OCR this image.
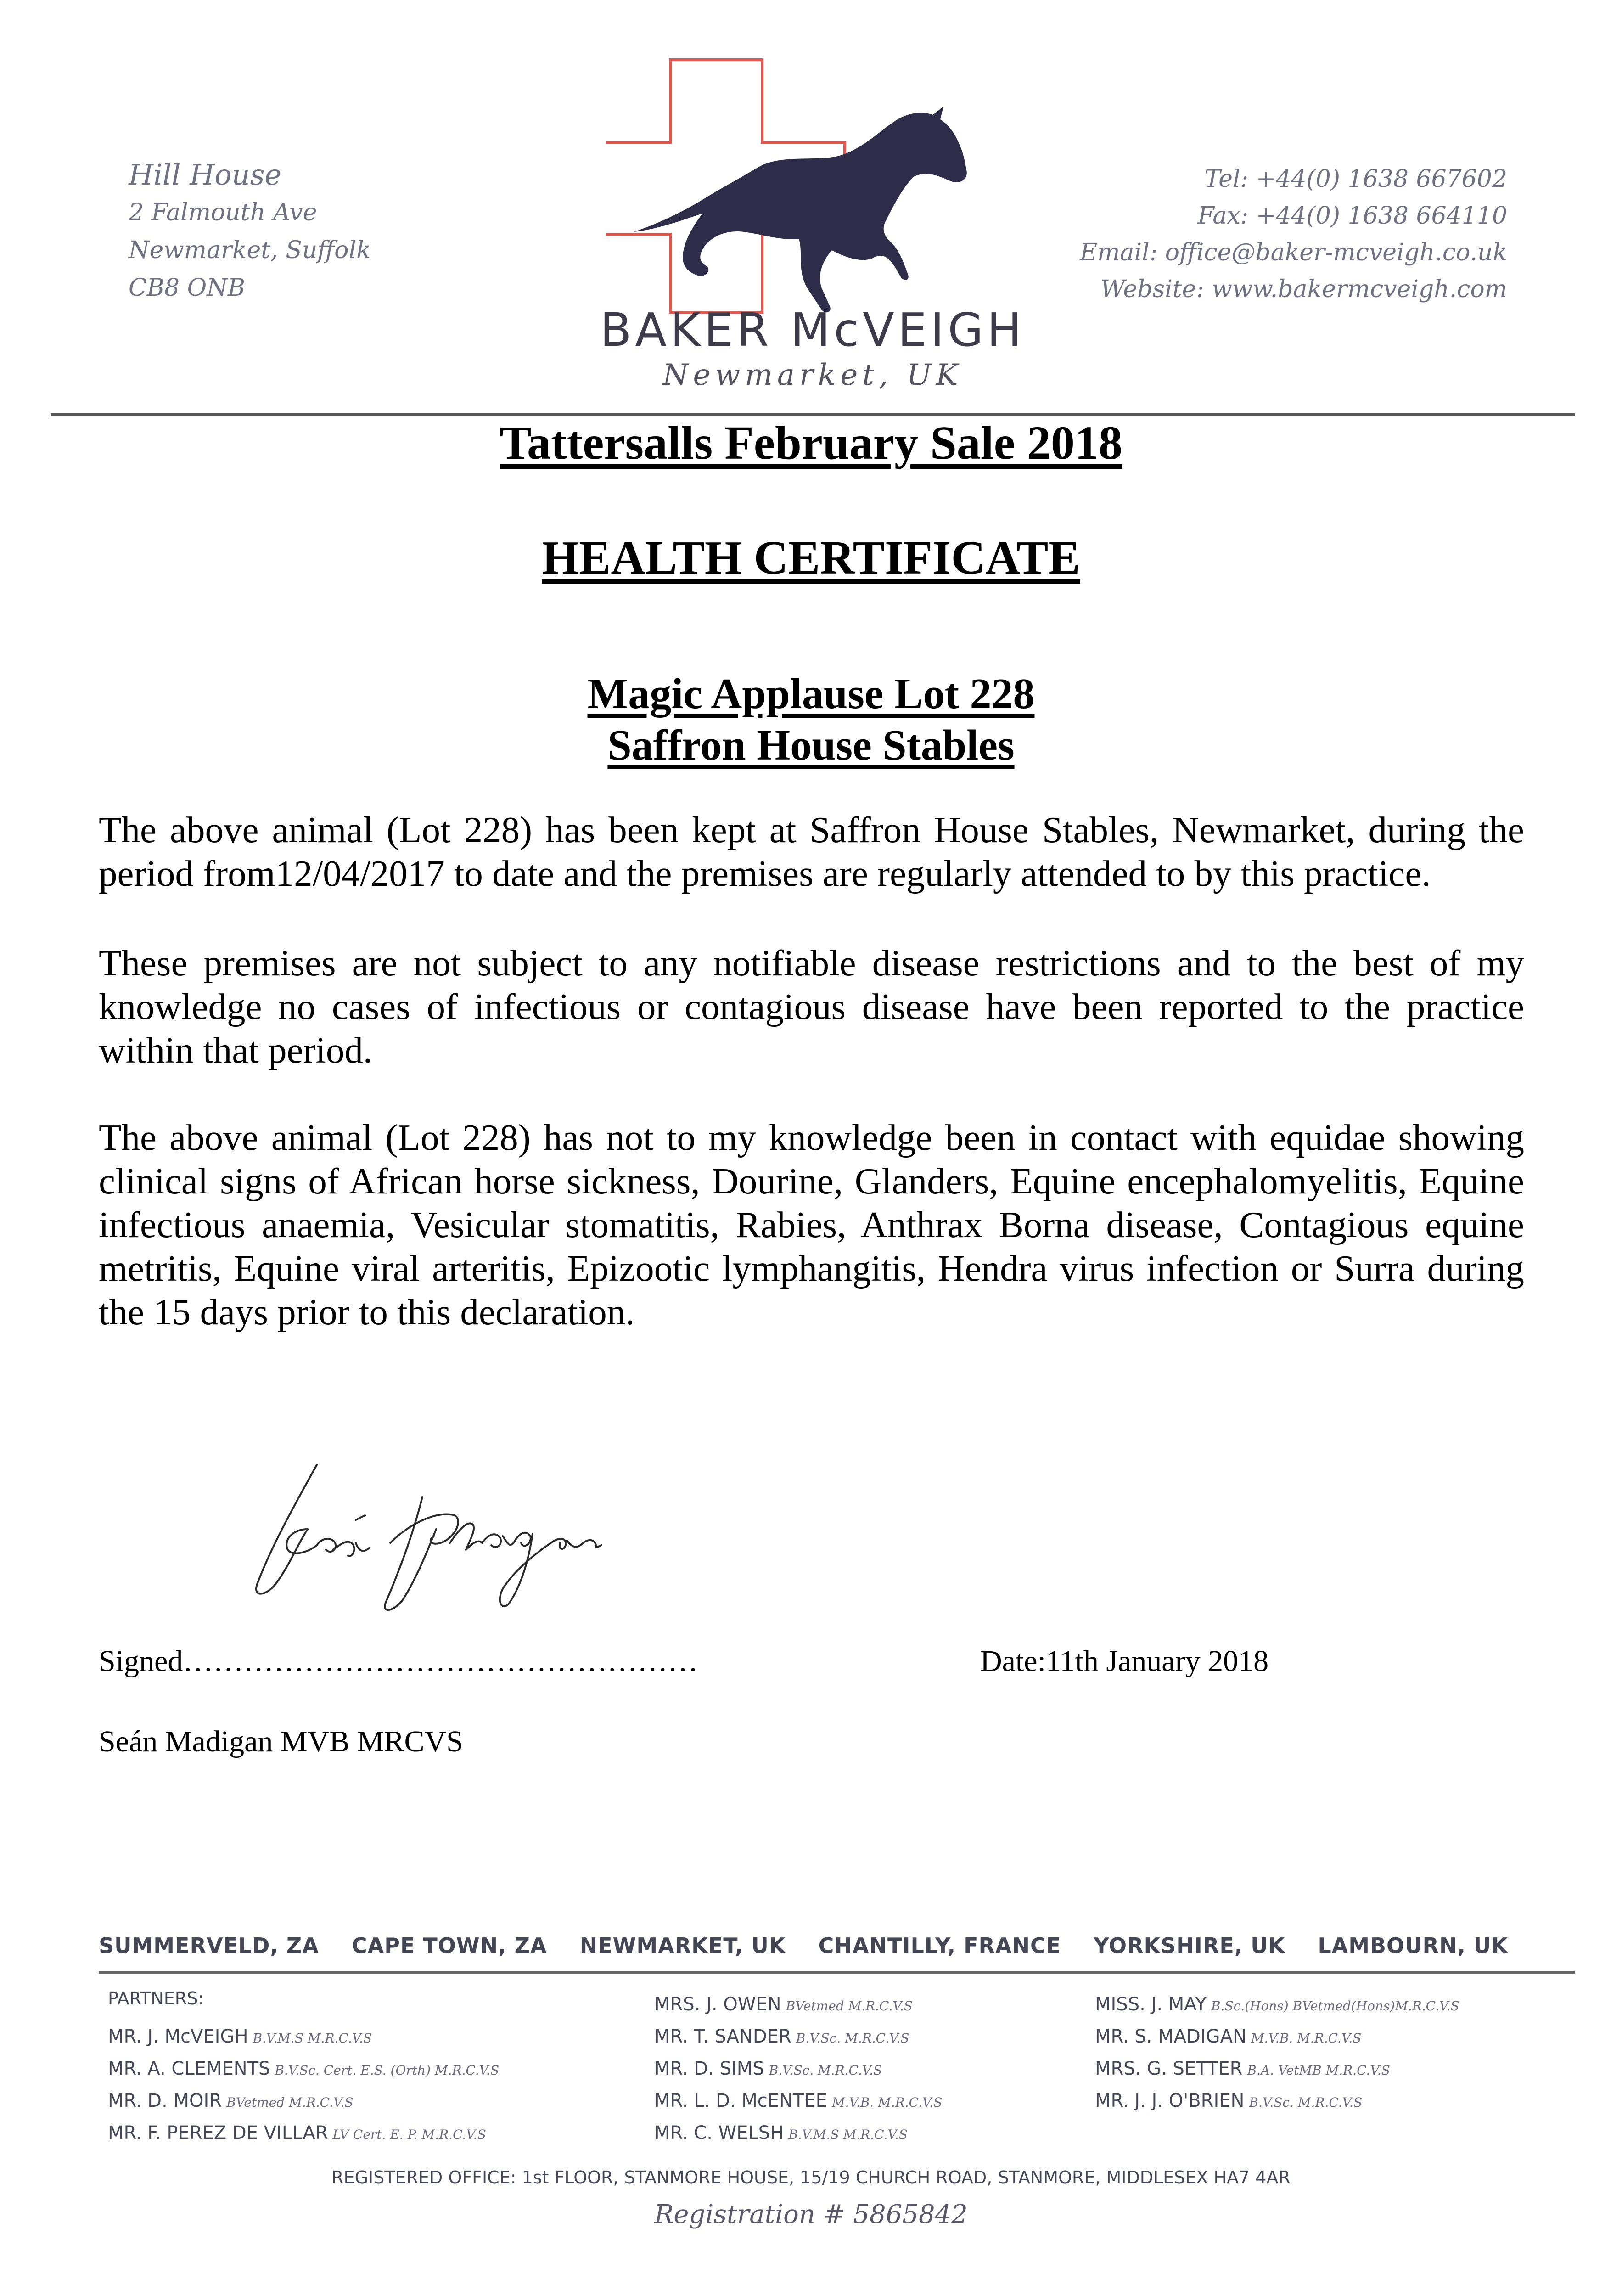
Hill House
2 Falmouth Ave
Newmarket, Suffolk
CB8 ONB
BAKER McVEIGH
Newmarket, UK
Tel: +44(0) 1638 667602
Fax: +44(0) 1638 664110
Email: office@baker-mcveigh.co.uk
Website: www.bakermcveigh.com
Tattersalls February Sale 2018
HEALTH CERTIFICATE
Magic Applause Lot 228
Saffron House Stables
The above animal (Lot 228) has been kept at Saffron House Stables, Newmarket, during the period from12/04/2017 to date and the premises are regularly attended to by this practice.
These premises are not subject to any notifiable disease restrictions and to the best of my knowledge no cases of infectious or contagious disease have been reported to the practice within that period.
The above animal (Lot 228) has not to my knowledge been in contact with equidae showing clinical signs of African horse sickness, Dourine, Glanders, Equine encephalomyelitis, Equine infectious anaemia, Vesicular stomatitis, Rabies, Anthrax Borna disease, Contagious equine metritis, Equine viral arteritis, Epizootic lymphangitis, Hendra virus infection or Surra during the 15 days prior to this declaration.
Signed……………………………………………	Date:11th January 2018
Seán Madigan MVB MRCVS
SUMMERVELD, ZA CAPE TOWN, ZA NEWMARKET, UK CHANTILLY, FRANCE YORKSHIRE, UK LAMBOURN, UK
PARTNERS:
MR. J. McVEIGH B.V.M.S M.R.C.V.S
MR. A. CLEMENTS B.V.Sc. Cert. E.S. (Orth) M.R.C.V.S
MR. D. MOIR BVetmed M.R.C.V.S
MR. F. PEREZ DE VILLAR LV Cert. E. P. M.R.C.V.S
MRS. J. OWEN BVetmed M.R.C.V.S
MR. T. SANDER B.V.Sc. M.R.C.V.S
MR. D. SIMS B.V.Sc. M.R.C.V.S
MR. L. D. McENTEE M.V.B. M.R.C.V.S
MR. C. WELSH B.V.M.S M.R.C.V.S
MISS. J. MAY B.Sc.(Hons) BVetmed(Hons)M.R.C.V.S
MR. S. MADIGAN M.V.B. M.R.C.V.S
MRS. G. SETTER B.A. VetMB M.R.C.V.S
MR. J. J. O'BRIEN B.V.Sc. M.R.C.V.S
REGISTERED OFFICE: 1st FLOOR, STANMORE HOUSE, 15/19 CHURCH ROAD, STANMORE, MIDDLESEX HA7 4AR
Registration # 5865842
